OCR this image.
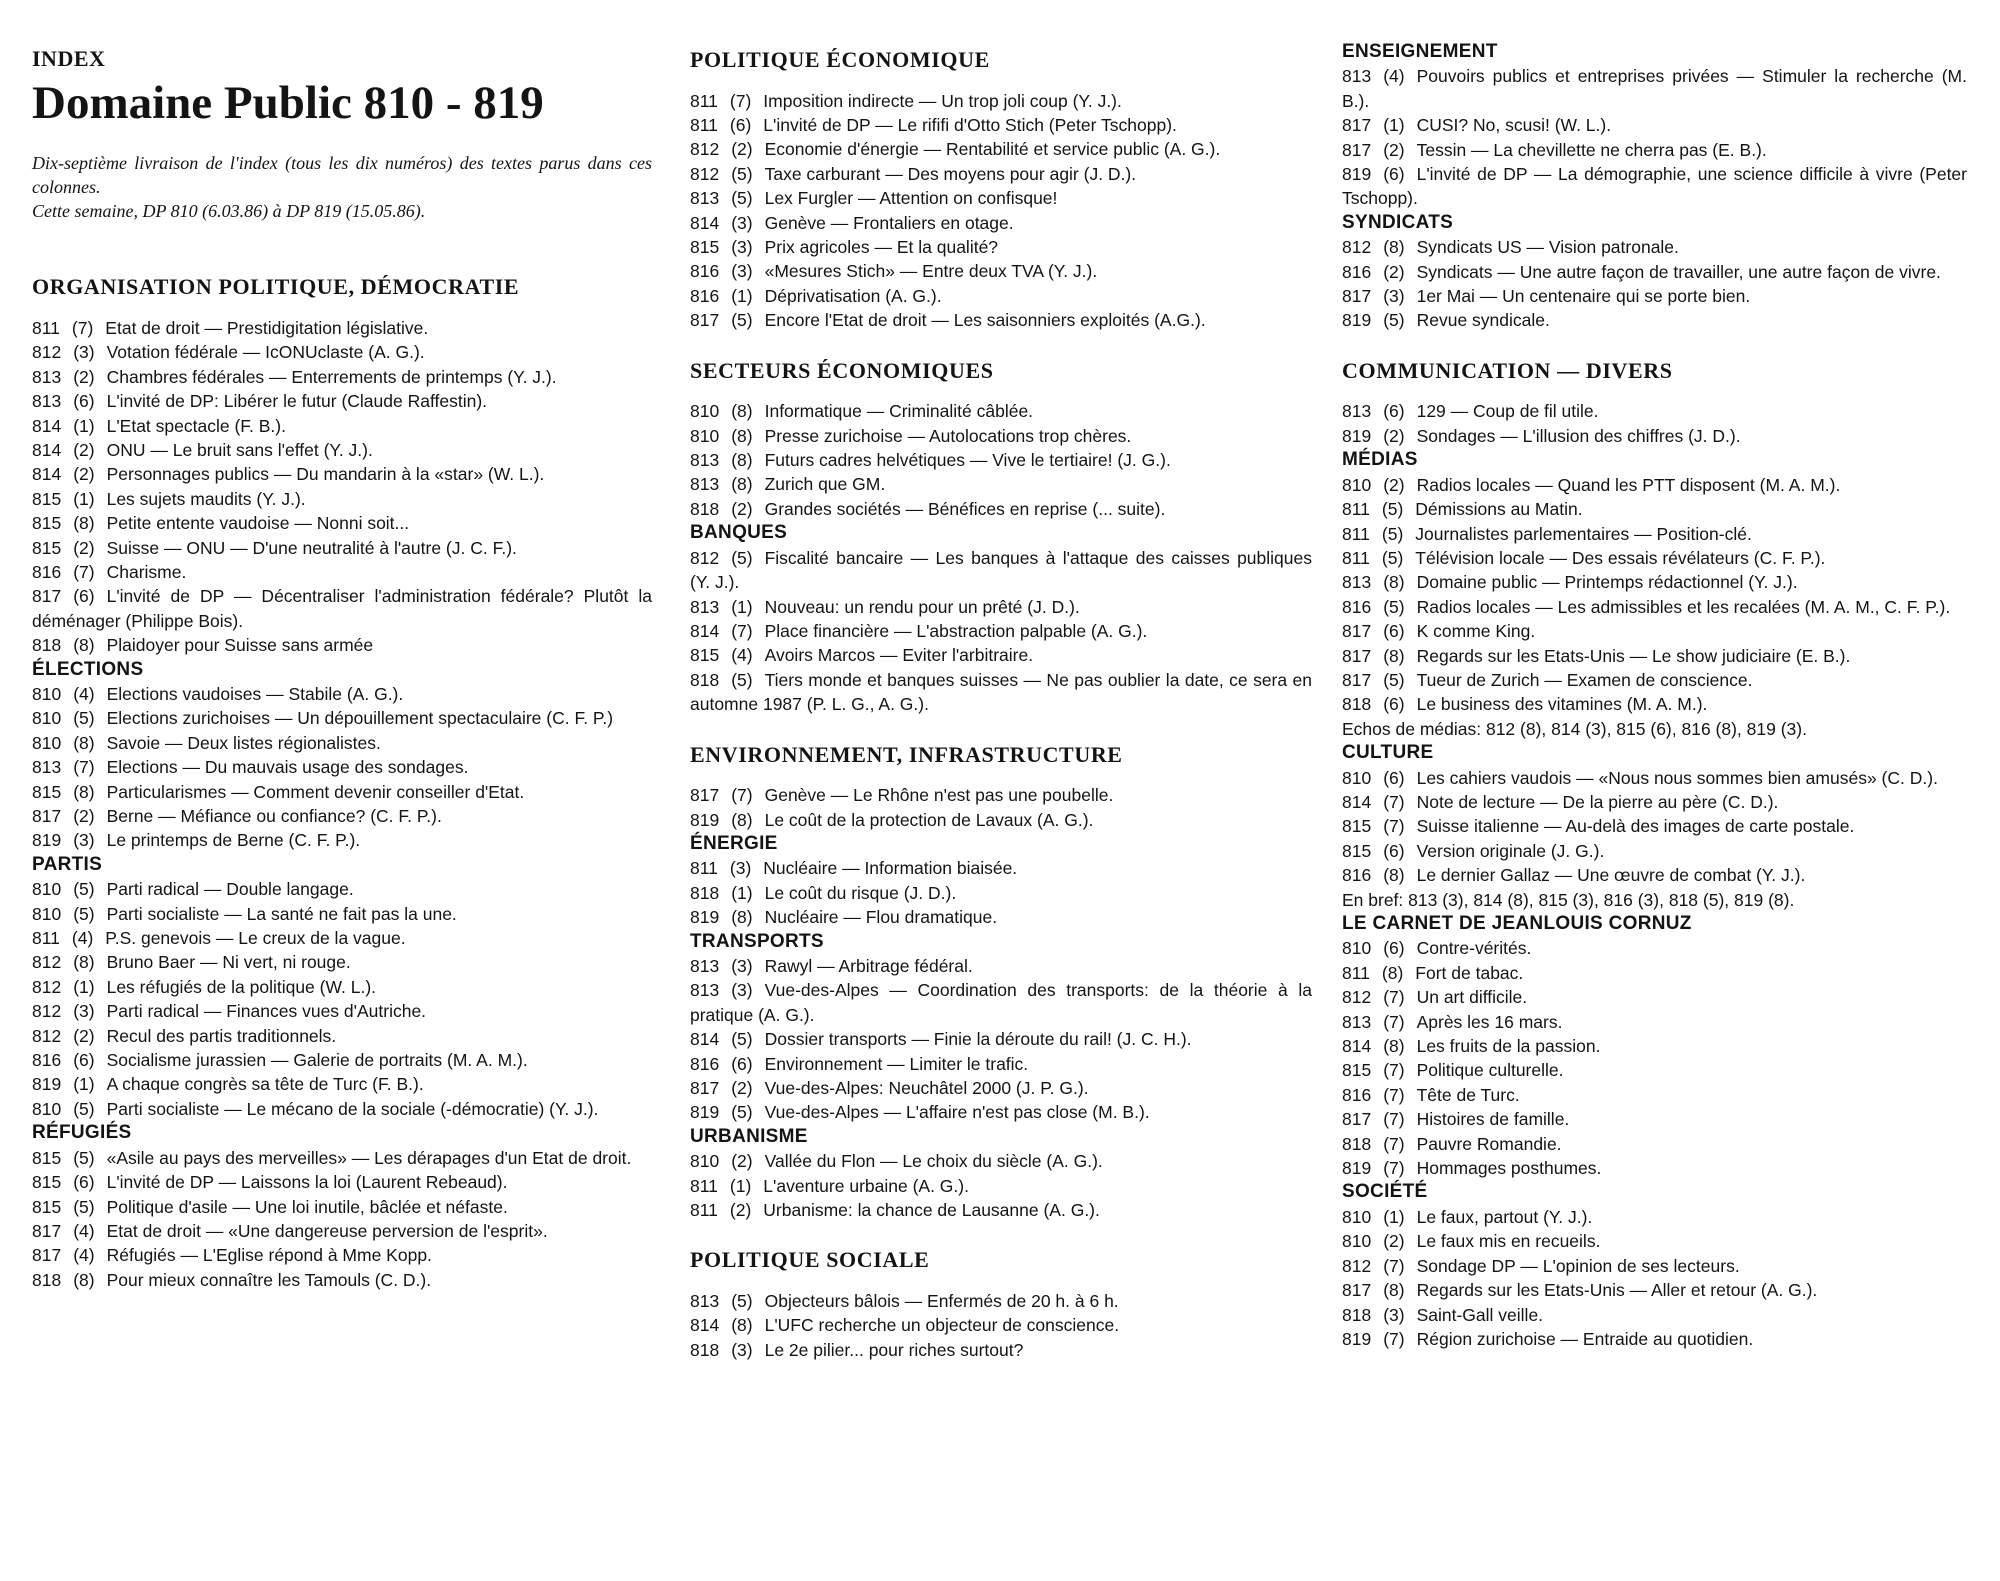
INDEX
Domaine Public 810 - 819
Dix-septième livraison de l'index (tous les dix numéros) des textes parus dans ces colonnes.
Cette semaine, DP 810 (6.03.86) à DP 819 (15.05.86).
ORGANISATION POLITIQUE, DÉMOCRATIE
811 (7) Etat de droit — Prestidigitation législative.
812 (3) Votation fédérale — IcONUclaste (A. G.).
813 (2) Chambres fédérales — Enterrements de printemps (Y. J.).
813 (6) L'invité de DP: Libérer le futur (Claude Raffestin).
814 (1) L'Etat spectacle (F. B.).
814 (2) ONU — Le bruit sans l'effet (Y. J.).
814 (2) Personnages publics — Du mandarin à la «star» (W. L.).
815 (1) Les sujets maudits (Y. J.).
815 (8) Petite entente vaudoise — Nonni soit...
815 (2) Suisse — ONU — D'une neutralité à l'autre (J. C. F.).
816 (7) Charisme.
817 (6) L'invité de DP — Décentraliser l'administration fédérale? Plutôt la déménager (Philippe Bois).
818 (8) Plaidoyer pour Suisse sans armée
ÉLECTIONS
810 (4) Elections vaudoises — Stabile (A. G.).
810 (5) Elections zurichoises — Un dépouillement spectaculaire (C. F. P.)
810 (8) Savoie — Deux listes régionalistes.
813 (7) Elections — Du mauvais usage des sondages.
815 (8) Particularismes — Comment devenir conseiller d'Etat.
817 (2) Berne — Méfiance ou confiance? (C. F. P.).
819 (3) Le printemps de Berne (C. F. P.).
PARTIS
810 (5) Parti radical — Double langage.
810 (5) Parti socialiste — La santé ne fait pas la une.
811 (4) P.S. genevois — Le creux de la vague.
812 (8) Bruno Baer — Ni vert, ni rouge.
812 (1) Les réfugiés de la politique (W. L.).
812 (3) Parti radical — Finances vues d'Autriche.
812 (2) Recul des partis traditionnels.
816 (6) Socialisme jurassien — Galerie de portraits (M. A. M.).
819 (1) A chaque congrès sa tête de Turc (F. B.).
810 (5) Parti socialiste — Le mécano de la sociale (-démocratie) (Y. J.).
RÉFUGIÉS
815 (5) «Asile au pays des merveilles» — Les dérapages d'un Etat de droit.
815 (6) L'invité de DP — Laissons la loi (Laurent Rebeaud).
815 (5) Politique d'asile — Une loi inutile, bâclée et néfaste.
817 (4) Etat de droit — «Une dangereuse perversion de l'esprit».
817 (4) Réfugiés — L'Eglise répond à Mme Kopp.
818 (8) Pour mieux connaître les Tamouls (C. D.).
POLITIQUE ÉCONOMIQUE
811 (7) Imposition indirecte — Un trop joli coup (Y. J.).
811 (6) L'invité de DP — Le rififi d'Otto Stich (Peter Tschopp).
812 (2) Economie d'énergie — Rentabilité et service public (A. G.).
812 (5) Taxe carburant — Des moyens pour agir (J. D.).
813 (5) Lex Furgler — Attention on confisque!
814 (3) Genève — Frontaliers en otage.
815 (3) Prix agricoles — Et la qualité?
816 (3) «Mesures Stich» — Entre deux TVA (Y. J.).
816 (1) Déprivatisation (A. G.).
817 (5) Encore l'Etat de droit — Les saisonniers exploités (A.G.).
SECTEURS ÉCONOMIQUES
810 (8) Informatique — Criminalité câblée.
810 (8) Presse zurichoise — Autolocations trop chères.
813 (8) Futurs cadres helvétiques — Vive le tertiaire! (J. G.).
813 (8) Zurich que GM.
818 (2) Grandes sociétés — Bénéfices en reprise (... suite).
BANQUES
812 (5) Fiscalité bancaire — Les banques à l'attaque des caisses publiques (Y. J.).
813 (1) Nouveau: un rendu pour un prêté (J. D.).
814 (7) Place financière — L'abstraction palpable (A. G.).
815 (4) Avoirs Marcos — Eviter l'arbitraire.
818 (5) Tiers monde et banques suisses — Ne pas oublier la date, ce sera en automne 1987 (P. L. G., A. G.).
ENVIRONNEMENT, INFRASTRUCTURE
817 (7) Genève — Le Rhône n'est pas une poubelle.
819 (8) Le coût de la protection de Lavaux (A. G.).
ÉNERGIE
811 (3) Nucléaire — Information biaisée.
818 (1) Le coût du risque (J. D.).
819 (8) Nucléaire — Flou dramatique.
TRANSPORTS
813 (3) Rawyl — Arbitrage fédéral.
813 (3) Vue-des-Alpes — Coordination des transports: de la théorie à la pratique (A. G.).
814 (5) Dossier transports — Finie la déroute du rail! (J. C. H.).
816 (6) Environnement — Limiter le trafic.
817 (2) Vue-des-Alpes: Neuchâtel 2000 (J. P. G.).
819 (5) Vue-des-Alpes — L'affaire n'est pas close (M. B.).
URBANISME
810 (2) Vallée du Flon — Le choix du siècle (A. G.).
811 (1) L'aventure urbaine (A. G.).
811 (2) Urbanisme: la chance de Lausanne (A. G.).
POLITIQUE SOCIALE
813 (5) Objecteurs bâlois — Enfermés de 20 h. à 6 h.
814 (8) L'UFC recherche un objecteur de conscience.
818 (3) Le 2e pilier... pour riches surtout?
ENSEIGNEMENT
813 (4) Pouvoirs publics et entreprises privées — Stimuler la recherche (M. B.).
817 (1) CUSI? No, scusi! (W. L.).
817 (2) Tessin — La chevillette ne cherra pas (E. B.).
819 (6) L'invité de DP — La démographie, une science difficile à vivre (Peter Tschopp).
SYNDICATS
812 (8) Syndicats US — Vision patronale.
816 (2) Syndicats — Une autre façon de travailler, une autre façon de vivre.
817 (3) 1er Mai — Un centenaire qui se porte bien.
819 (5) Revue syndicale.
COMMUNICATION — DIVERS
813 (6) 129 — Coup de fil utile.
819 (2) Sondages — L'illusion des chiffres (J. D.).
MÉDIAS
810 (2) Radios locales — Quand les PTT disposent (M. A. M.).
811 (5) Démissions au Matin.
811 (5) Journalistes parlementaires — Position-clé.
811 (5) Télévision locale — Des essais révélateurs (C. F. P.).
813 (8) Domaine public — Printemps rédactionnel (Y. J.).
816 (5) Radios locales — Les admissibles et les recalées (M. A. M., C. F. P.).
817 (6) K comme King.
817 (8) Regards sur les Etats-Unis — Le show judiciaire (E. B.).
817 (5) Tueur de Zurich — Examen de conscience.
818 (6) Le business des vitamines (M. A. M.).

Echos de médias: 812 (8), 814 (3), 815 (6), 816 (8), 819 (3).

CULTURE
810 (6) Les cahiers vaudois — «Nous nous sommes bien amusés» (C. D.).
814 (7) Note de lecture — De la pierre au père (C. D.).
815 (7) Suisse italienne — Au-delà des images de carte postale.
815 (6) Version originale (J. G.).
816 (8) Le dernier Gallaz — Une œuvre de combat (Y. J.).

En bref: 813 (3), 814 (8), 815 (3), 816 (3), 818 (5), 819 (8).

LE CARNET DE JEANLOUIS CORNUZ
810 (6) Contre-vérités.
811 (8) Fort de tabac.
812 (7) Un art difficile.
813 (7) Après les 16 mars.
814 (8) Les fruits de la passion.
815 (7) Politique culturelle.
816 (7) Tête de Turc.
817 (7) Histoires de famille.
818 (7) Pauvre Romandie.
819 (7) Hommages posthumes.
SOCIÉTÉ
810 (1) Le faux, partout (Y. J.).
810 (2) Le faux mis en recueils.
812 (7) Sondage DP — L'opinion de ses lecteurs.
817 (8) Regards sur les Etats-Unis — Aller et retour (A. G.).
818 (3) Saint-Gall veille.
819 (7) Région zurichoise — Entraide au quotidien.
